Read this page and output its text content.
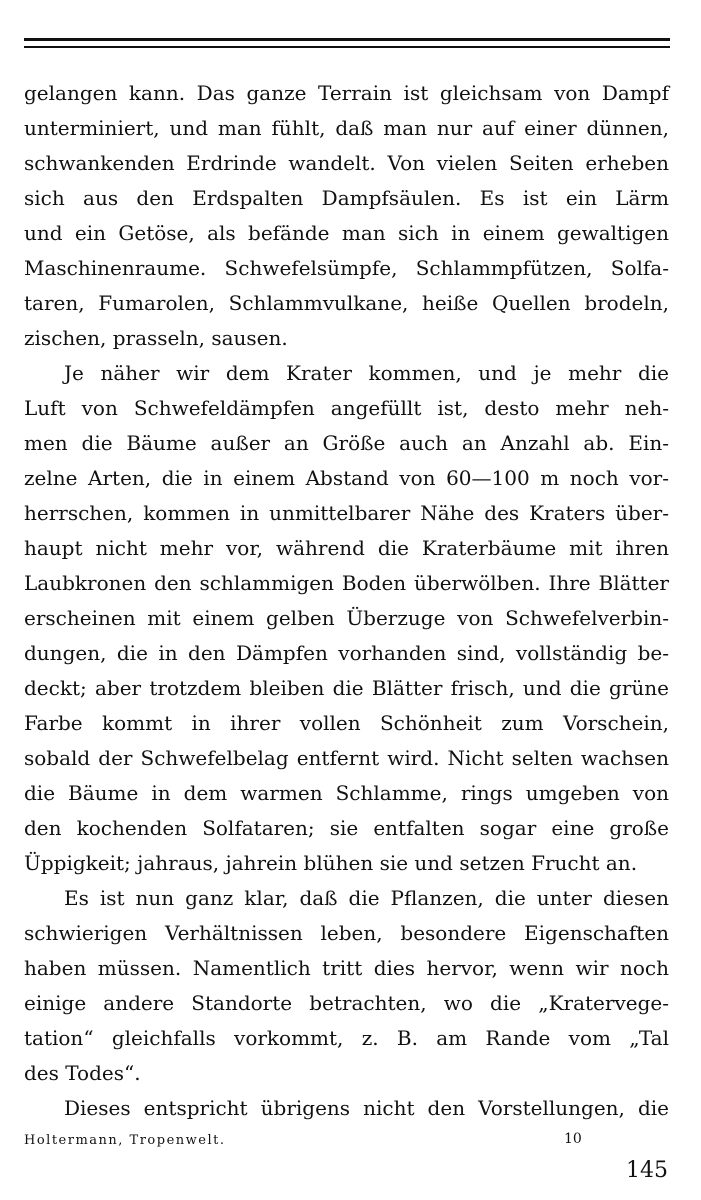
gelangen kann. Das ganze Terrain ist gleichsam von Dampf
unterminiert, und man fühlt, daß man nur auf einer dünnen,
schwankenden Erdrinde wandelt. Von vielen Seiten erheben
sich aus den Erdspalten Dampfsäulen. Es ist ein Lärm
und ein Getöse, als befände man sich in einem gewaltigen
Maschinenraume. Schwefelsümpfe, Schlammpfützen, Solfa-
taren, Fumarolen, Schlammvulkane, heiße Quellen brodeln,
zischen, prasseln, sausen.

Je näher wir dem Krater kommen, und je mehr die
Luft von Schwefeldämpfen angefüllt ist, desto mehr neh-
men die Bäume außer an Größe auch an Anzahl ab. Ein-
zelne Arten, die in einem Abstand von 60—100 m noch vor-
herrschen, kommen in unmittelbarer Nähe des Kraters über-
haupt nicht mehr vor, während die Kraterbäume mit ihren
Laubkronen den schlammigen Boden überwölben. Ihre Blätter
erscheinen mit einem gelben Überzuge von Schwefelverbin-
dungen, die in den Dämpfen vorhanden sind, vollständig be-
deckt; aber trotzdem bleiben die Blätter frisch, und die grüne
Farbe kommt in ihrer vollen Schönheit zum Vorschein,
sobald der Schwefelbelag entfernt wird. Nicht selten wachsen
die Bäume in dem warmen Schlamme, rings umgeben von
den kochenden Solfataren; sie entfalten sogar eine große
Üppigkeit; jahraus, jahrein blühen sie und setzen Frucht an.

Es ist nun ganz klar, daß die Pflanzen, die unter diesen
schwierigen Verhältnissen leben, besondere Eigenschaften
haben müssen. Namentlich tritt dies hervor, wenn wir noch
einige andere Standorte betrachten, wo die „Kratervege-
tation“ gleichfalls vorkommt, z. B. am Rande vom „Tal
des Todes“.

Dieses entspricht übrigens nicht den Vorstellungen, die

Holtermann, Tropenwelt.	10
145
